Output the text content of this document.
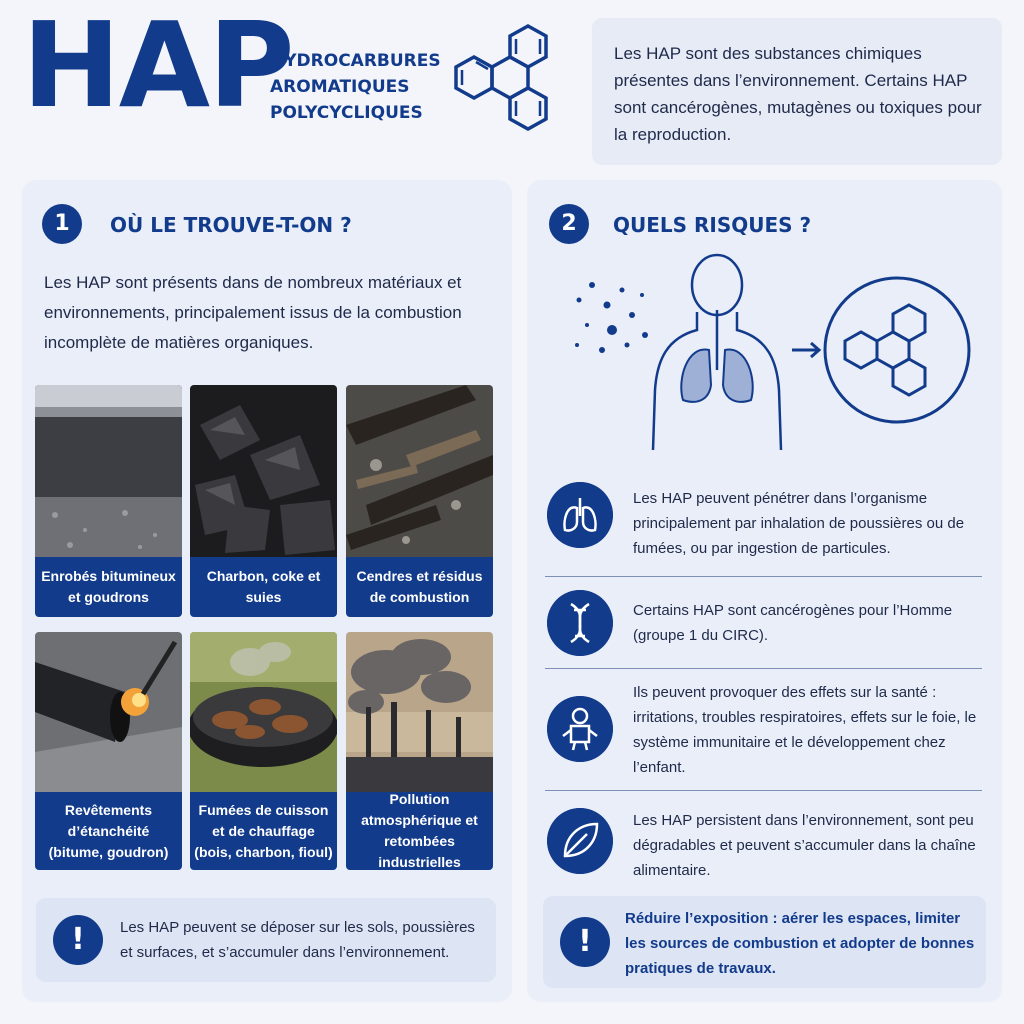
HAP
HYDROCARBURES
AROMATIQUES
POLYCYCLIQUES
Les HAP sont des substances chimiques présentes dans l’environnement. Certains HAP sont cancérogènes, mutagènes ou toxiques pour la reproduction.
1	OÙ LE TROUVE-T-ON ?
Les HAP sont présents dans de nombreux matériaux et environnements, principalement issus de la combustion incomplète de matières organiques.
Enrobés bitumineux et goudrons
Charbon, coke et suies
Cendres et résidus de combustion
Revêtements d’étanchéité (bitume, goudron)
Fumées de cuisson et de chauffage (bois, charbon, fioul)
Pollution atmosphérique et retombées industrielles
!	Les HAP peuvent se déposer sur les sols, poussières et surfaces, et s’accumuler dans l’environnement.
2	QUELS RISQUES ?
Les HAP peuvent pénétrer dans l’organisme principalement par inhalation de poussières ou de fumées, ou par ingestion de particules.
Certains HAP sont cancérogènes pour l’Homme (groupe 1 du CIRC).
Ils peuvent provoquer des effets sur la santé : irritations, troubles respiratoires, effets sur le foie, le système immunitaire et le développement chez l’enfant.
Les HAP persistent dans l’environnement, sont peu dégradables et peuvent s’accumuler dans la chaîne alimentaire.
!
Réduire l’exposition : aérer les espaces, limiter les sources de combustion et adopter de bonnes pratiques de travaux.
